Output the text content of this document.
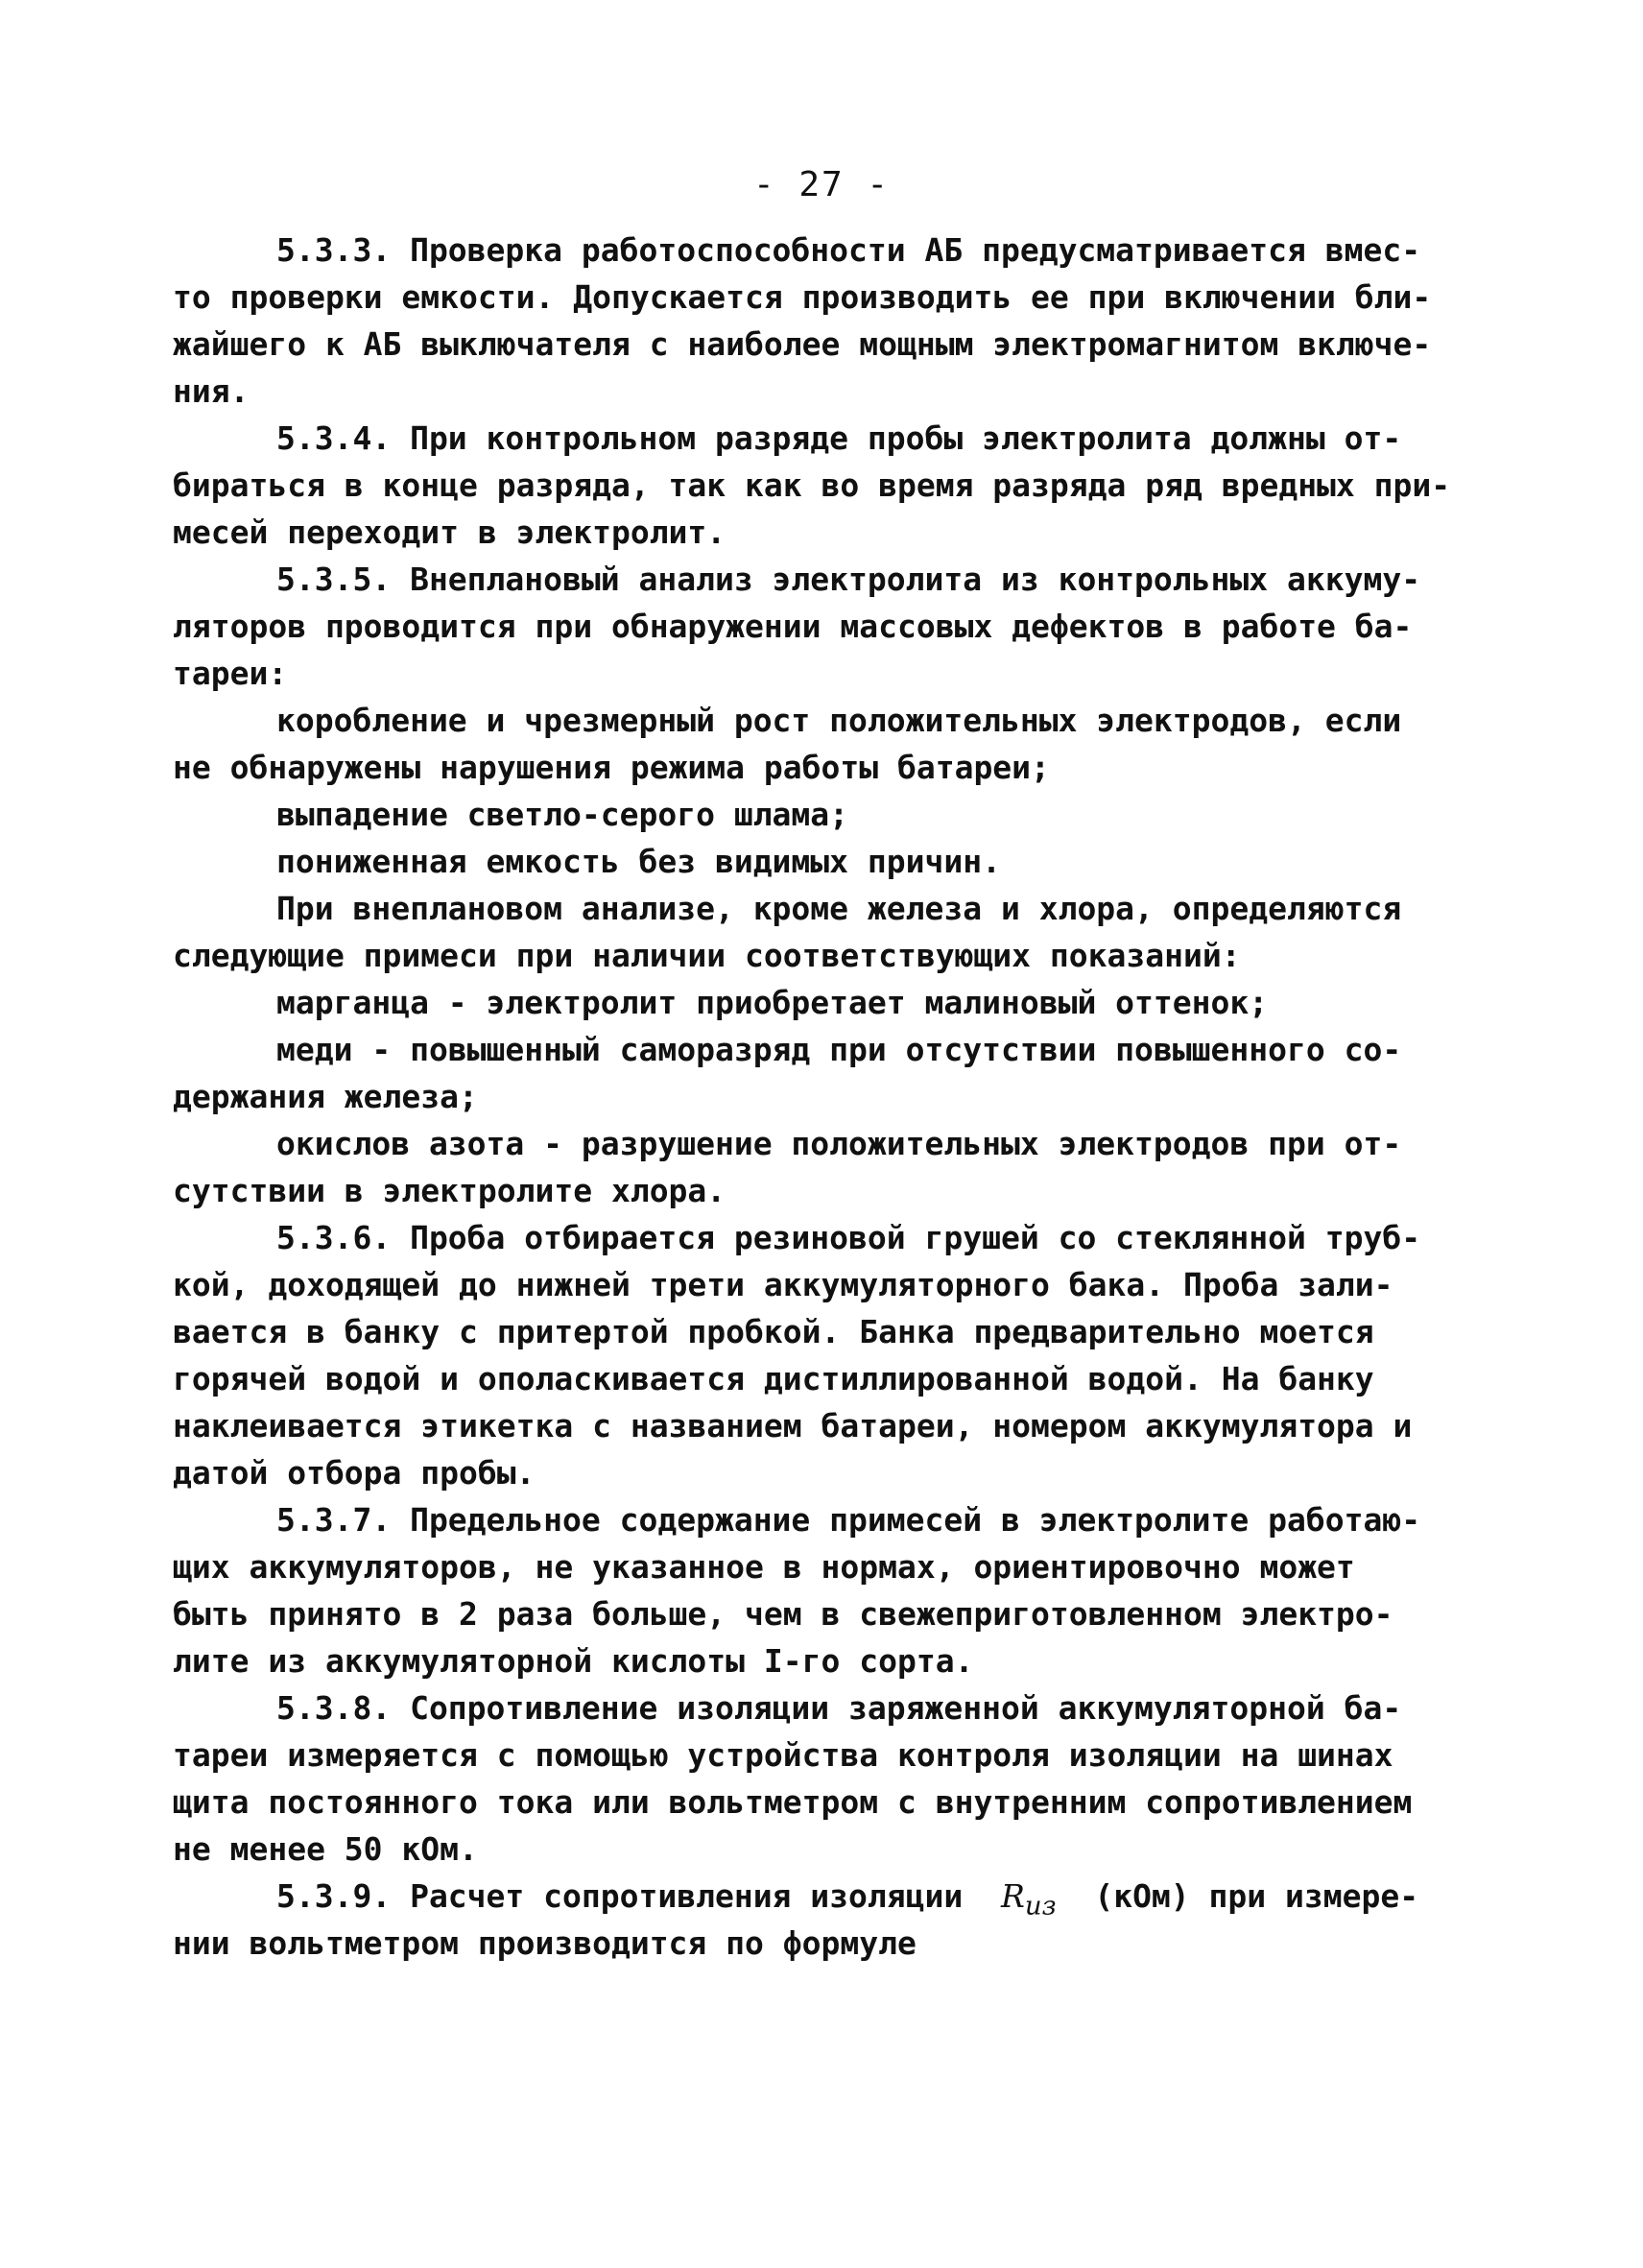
- 27 -
5.3.3. Проверка работоспособности АБ предусматривается вмес-
то проверки емкости. Допускается производить ее при включении бли-
жайшего к АБ выключателя с наиболее мощным электромагнитом включе-
ния.
5.3.4. При контрольном разряде пробы электролита должны от-
бираться в конце разряда, так как во время разряда ряд вредных при-
месей переходит в электролит.
5.3.5. Внеплановый анализ электролита из контрольных аккуму-
ляторов проводится при обнаружении массовых дефектов в работе ба-
тареи:
коробление и чрезмерный рост положительных электродов, если
не обнаружены нарушения режима работы батареи;
выпадение светло-серого шлама;
пониженная емкость без видимых причин.
При внеплановом анализе, кроме железа и хлора, определяются
следующие примеси при наличии соответствующих показаний:
марганца - электролит приобретает малиновый оттенок;
меди - повышенный саморазряд при отсутствии повышенного со-
держания железа;
окислов азота - разрушение положительных электродов при от-
сутствии в электролите хлора.
5.3.6. Проба отбирается резиновой грушей со стеклянной труб-
кой, доходящей до нижней трети аккумуляторного бака. Проба зали-
вается в банку с притертой пробкой. Банка предварительно моется
горячей водой и ополаскивается дистиллированной водой. На банку
наклеивается этикетка с названием батареи, номером аккумулятора и
датой отбора пробы.
5.3.7. Предельное содержание примесей в электролите работаю-
щих аккумуляторов, не указанное в нормах, ориентировочно может
быть принято в 2 раза больше, чем в свежеприготовленном электро-
лите из аккумуляторной кислоты I-го сорта.
5.3.8. Сопротивление изоляции заряженной аккумуляторной ба-
тареи измеряется с помощью устройства контроля изоляции на шинах
щита постоянного тока или вольтметром с внутренним сопротивлением
не менее 50 кОм.
5.3.9. Расчет сопротивления изоляции $R_{из}$ (кОм) при измере-
нии вольтметром производится по формуле
